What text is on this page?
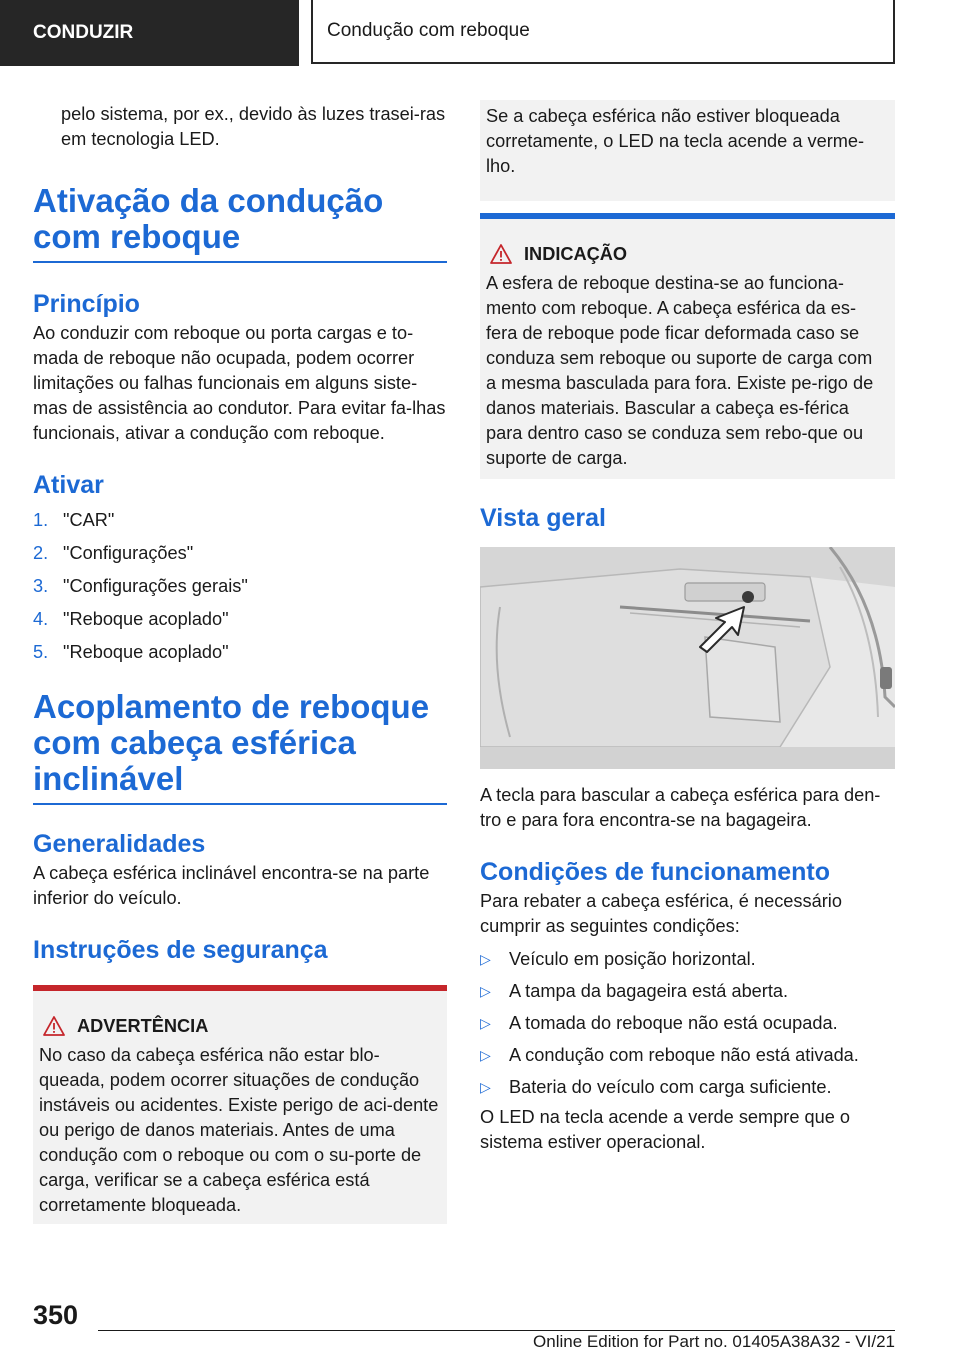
CONDUZIR	Condução com reboque

pelo sistema, por ex., devido às luzes trasei-ras em tecnologia LED.

Ativação da condução com reboque
Princípio

Ao conduzir com reboque ou porta cargas e to-mada de reboque não ocupada, podem ocorrer limitações ou falhas funcionais em alguns siste-mas de assistência ao condutor. Para evitar fa-lhas funcionais, ativar a condução com reboque.

Ativar
1. "CAR"
2. "Configurações"
3. "Configurações gerais"
4. "Reboque acoplado"
5. "Reboque acoplado"
Acoplamento de reboque com cabeça esférica inclinável
Generalidades

A cabeça esférica inclinável encontra-se na parte inferior do veículo.

Instruções de segurança
ADVERTÊNCIA

No caso da cabeça esférica não estar blo-queada, podem ocorrer situações de condução instáveis ou acidentes. Existe perigo de aci-dente ou perigo de danos materiais. Antes de uma condução com o reboque ou com o su-porte de carga, verificar se a cabeça esférica está corretamente bloqueada.

Se a cabeça esférica não estiver bloqueada corretamente, o LED na tecla acende a verme-lho.

INDICAÇÃO

A esfera de reboque destina-se ao funciona-mento com reboque. A cabeça esférica da es-fera de reboque pode ficar deformada caso se conduza sem reboque ou suporte de carga com a mesma basculada para fora. Existe pe-rigo de danos materiais. Bascular a cabeça es-férica para dentro caso se conduza sem rebo-que ou suporte de carga.

Vista geral

A tecla para bascular a cabeça esférica para den-tro e para fora encontra-se na bagageira.

Condições de funcionamento

Para rebater a cabeça esférica, é necessário cumprir as seguintes condições:

▷	Veículo em posição horizontal.
▷	A tampa da bagageira está aberta.
▷	A tomada do reboque não está ocupada.
▷	A condução com reboque não está ativada.
▷	Bateria do veículo com carga suficiente.

O LED na tecla acende a verde sempre que o sistema estiver operacional.

350
Online Edition for Part no. 01405A38A32 - VI/21
